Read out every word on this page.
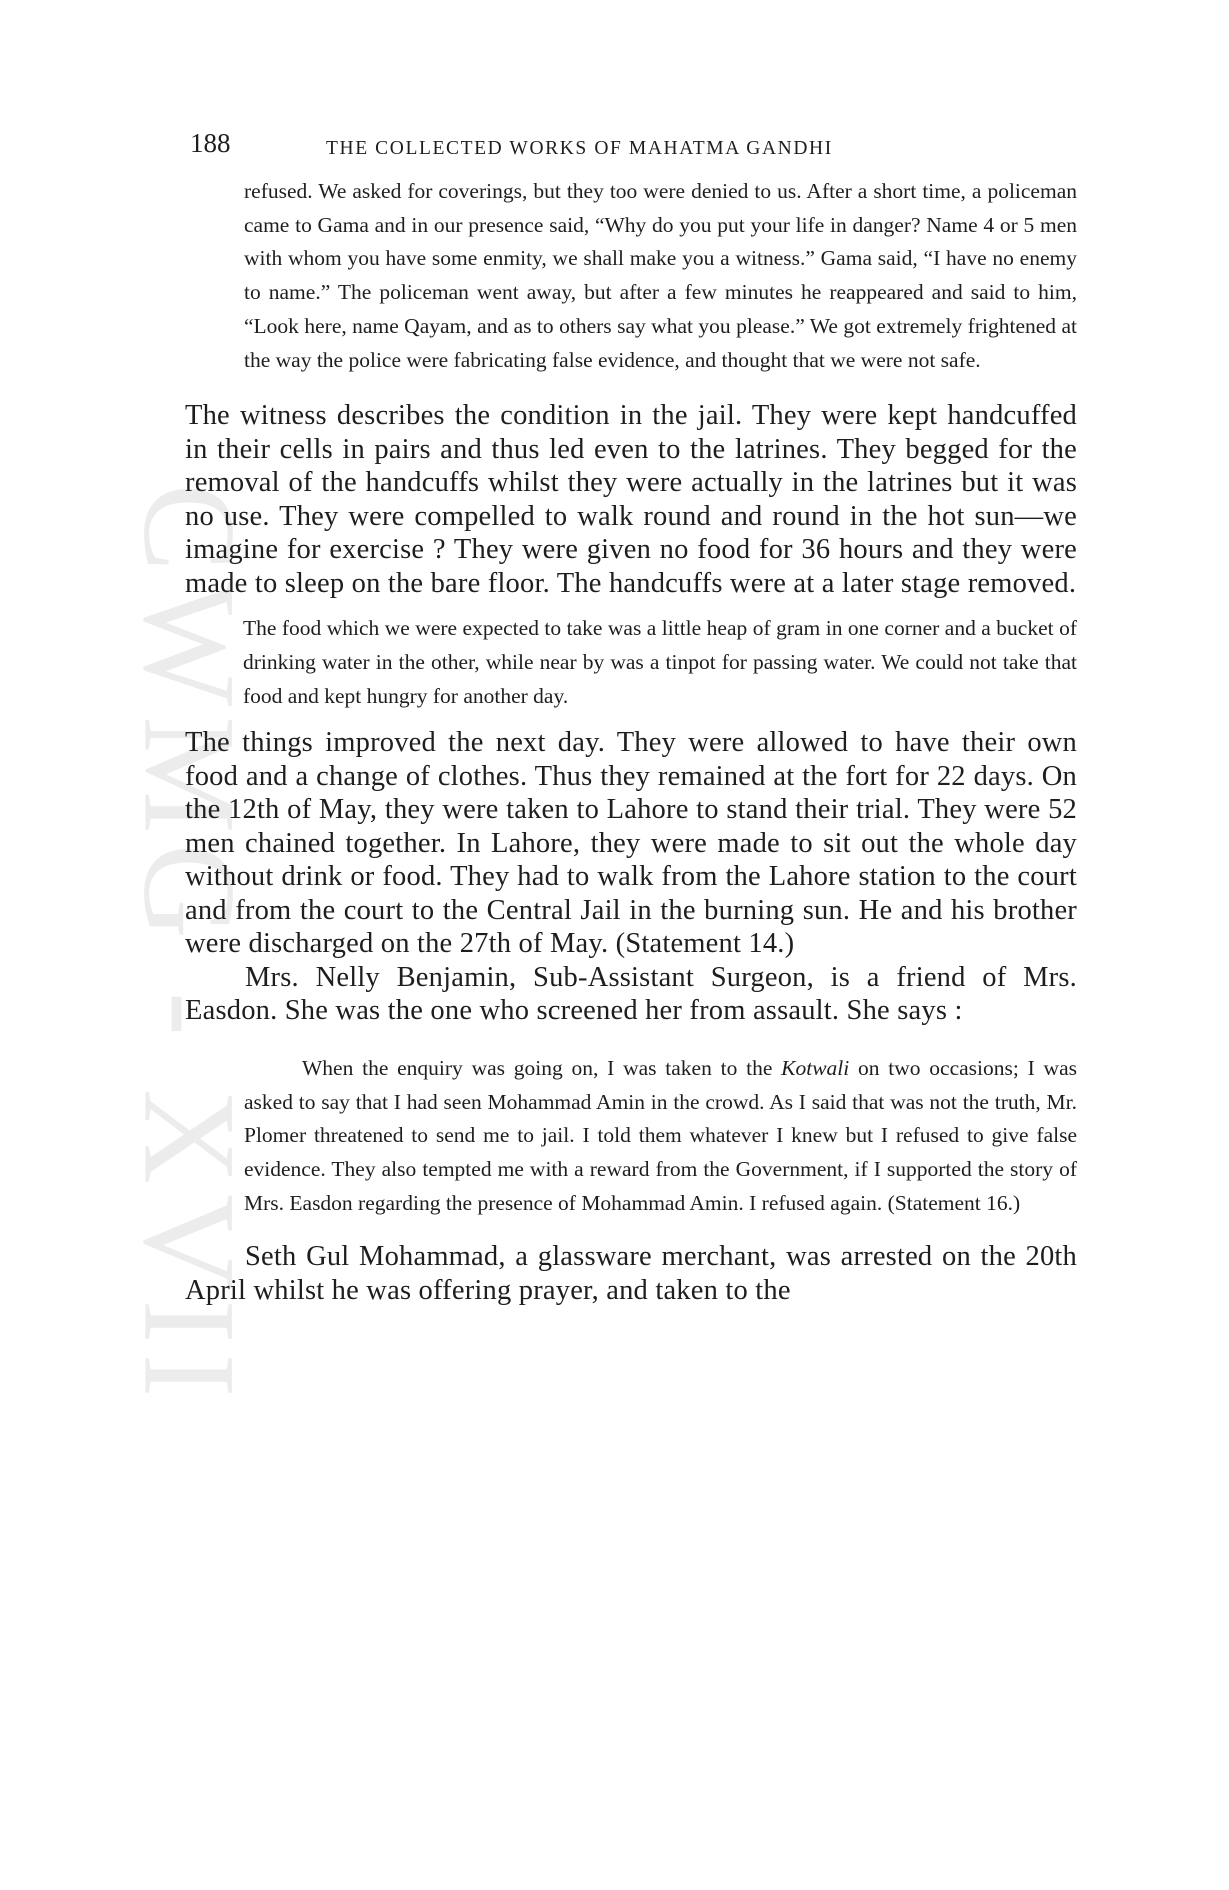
CWMG - XVII
188	THE COLLECTED WORKS OF MAHATMA GANDHI

refused. We asked for coverings, but they too were denied to us. After a short time, a policeman came to Gama and in our presence said, “Why do you put your life in danger? Name 4 or 5 men with whom you have some enmity, we shall make you a witness.” Gama said, “I have no enemy to name.” The policeman went away, but after a few minutes he reappeared and said to him, “Look here, name Qayam, and as to others say what you please.” We got extremely frightened at the way the police were fabricating false evidence, and thought that we were not safe.

The witness describes the condition in the jail. They were kept handcuffed in their cells in pairs and thus led even to the latrines. They begged for the removal of the handcuffs whilst they were actually in the latrines but it was no use. They were compelled to walk round and round in the hot sun—we imagine for exercise ? They were given no food for 36 hours and they were made to sleep on the bare floor. The handcuffs were at a later stage removed.

The food which we were expected to take was a little heap of gram in one corner and a bucket of drinking water in the other, while near by was a tinpot for passing water. We could not take that food and kept hungry for another day.

The things improved the next day. They were allowed to have their own food and a change of clothes. Thus they remained at the fort for 22 days. On the 12th of May, they were taken to Lahore to stand their trial. They were 52 men chained together. In Lahore, they were made to sit out the whole day without drink or food. They had to walk from the Lahore station to the court and from the court to the Central Jail in the burning sun. He and his brother were discharged on the 27th of May. (Statement 14.)

Mrs. Nelly Benjamin, Sub-Assistant Surgeon, is a friend of Mrs. Easdon. She was the one who screened her from assault. She says :

When the enquiry was going on, I was taken to the Kotwali on two occasions; I was asked to say that I had seen Mohammad Amin in the crowd. As I said that was not the truth, Mr. Plomer threatened to send me to jail. I told them whatever I knew but I refused to give false evidence. They also tempted me with a reward from the Government, if I supported the story of Mrs. Easdon regarding the presence of Mohammad Amin. I refused again. (Statement 16.)

Seth Gul Mohammad, a glassware merchant, was arrested on the 20th April whilst he was offering prayer, and taken to the
